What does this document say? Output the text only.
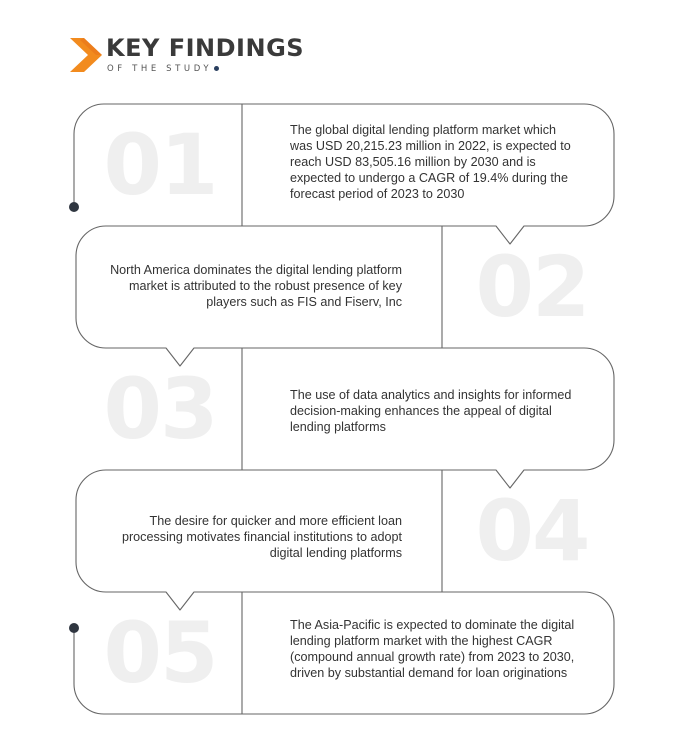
KEY FINDINGS
OF THE STUDY
01	The global digital lending platform market which was USD 20,215.23 million in 2022, is expected to reach USD 83,505.16 million by 2030 and is expected to undergo a CAGR of 19.4% during the forecast period of 2023 to 2030
02
North America dominates the digital lending platform market is attributed to the robust presence of key players such as FIS and Fiserv, Inc
03	The use of data analytics and insights for informed decision-making enhances the appeal of digital lending platforms
04
The desire for quicker and more efficient loan processing motivates financial institutions to adopt digital lending platforms
05	The Asia-Pacific is expected to dominate the digital lending platform market with the highest CAGR (compound annual growth rate) from 2023 to 2030, driven by substantial demand for loan originations
